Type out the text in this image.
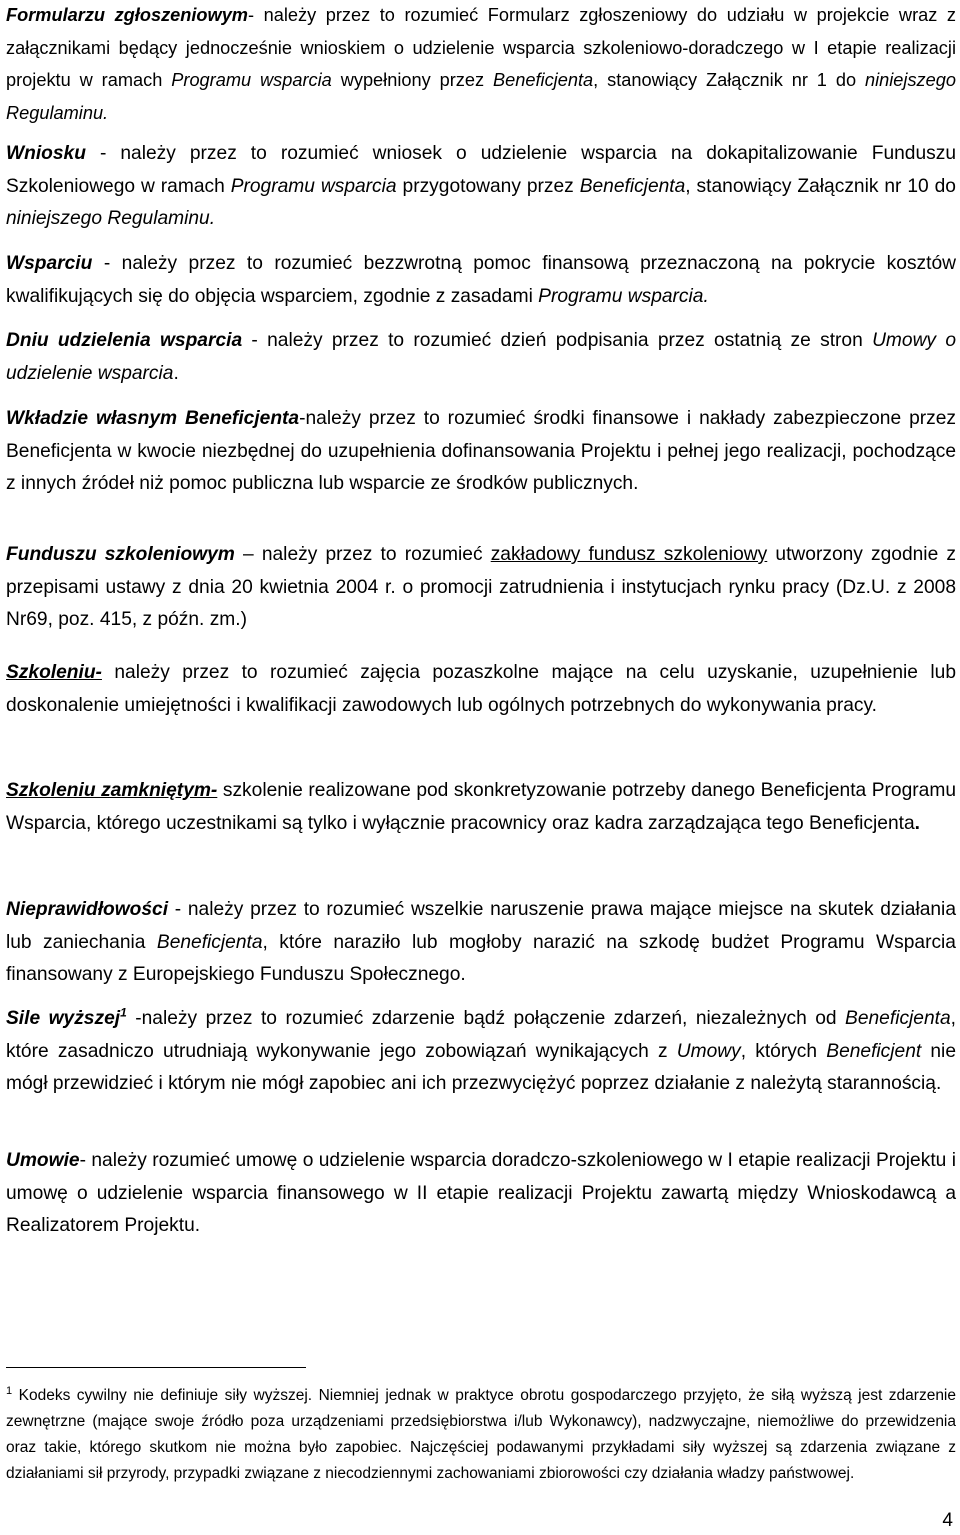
Formularzu zgłoszeniowym- należy przez to rozumieć Formularz zgłoszeniowy do udziału w projekcie wraz z załącznikami będący jednocześnie wnioskiem o udzielenie wsparcia szkoleniowo-doradczego w I etapie realizacji projektu w ramach Programu wsparcia wypełniony przez Beneficjenta, stanowiący Załącznik nr 1 do niniejszego Regulaminu.

Wniosku - należy przez to rozumieć wniosek o udzielenie wsparcia na dokapitalizowanie Funduszu Szkoleniowego w ramach Programu wsparcia przygotowany przez Beneficjenta, stanowiący Załącznik nr 10 do niniejszego Regulaminu.

Wsparciu - należy przez to rozumieć bezzwrotną pomoc finansową przeznaczoną na pokrycie kosztów kwalifikujących się do objęcia wsparciem, zgodnie z zasadami Programu wsparcia.

Dniu udzielenia wsparcia - należy przez to rozumieć dzień podpisania przez ostatnią ze stron Umowy o udzielenie wsparcia.

Wkładzie własnym Beneficjenta-należy przez to rozumieć środki finansowe i nakłady zabezpieczone przez Beneficjenta w kwocie niezbędnej do uzupełnienia dofinansowania Projektu i pełnej jego realizacji, pochodzące z innych źródeł niż pomoc publiczna lub wsparcie ze środków publicznych.

Funduszu szkoleniowym – należy przez to rozumieć zakładowy fundusz szkoleniowy utworzony zgodnie z przepisami ustawy z dnia 20 kwietnia 2004 r. o promocji zatrudnienia i instytucjach rynku pracy (Dz.U. z 2008 Nr69, poz. 415, z późn. zm.)

Szkoleniu- należy przez to rozumieć zajęcia pozaszkolne mające na celu uzyskanie, uzupełnienie lub doskonalenie umiejętności i kwalifikacji zawodowych lub ogólnych potrzebnych do wykonywania pracy.

Szkoleniu zamkniętym- szkolenie realizowane pod skonkretyzowanie potrzeby danego Beneficjenta Programu Wsparcia, którego uczestnikami są tylko i wyłącznie pracownicy oraz kadra zarządzająca tego Beneficjenta.

Nieprawidłowości - należy przez to rozumieć wszelkie naruszenie prawa mające miejsce na skutek działania lub zaniechania Beneficjenta, które naraziło lub mogłoby narazić na szkodę budżet Programu Wsparcia finansowany z Europejskiego Funduszu Społecznego.

Sile wyższej$^1$ -należy przez to rozumieć zdarzenie bądź połączenie zdarzeń, niezależnych od Beneficjenta, które zasadniczo utrudniają wykonywanie jego zobowiązań wynikających z Umowy, których Beneficjent nie mógł przewidzieć i którym nie mógł zapobiec ani ich przezwyciężyć poprzez działanie z należytą starannością.

Umowie- należy rozumieć umowę o udzielenie wsparcia doradczo-szkoleniowego w I etapie realizacji Projektu i umowę o udzielenie wsparcia finansowego w II etapie realizacji Projektu zawartą między Wnioskodawcą a Realizatorem Projektu.

$^1$ Kodeks cywilny nie definiuje siły wyższej. Niemniej jednak w praktyce obrotu gospodarczego przyjęto, że siłą wyższą jest zdarzenie zewnętrzne (mające swoje źródło poza urządzeniami przedsiębiorstwa i/lub Wykonawcy), nadzwyczajne, niemożliwe do przewidzenia oraz takie, którego skutkom nie można było zapobiec. Najczęściej podawanymi przykładami siły wyższej są zdarzenia związane z działaniami sił przyrody, przypadki związane z niecodziennymi zachowaniami zbiorowości czy działania władzy państwowej.

4
